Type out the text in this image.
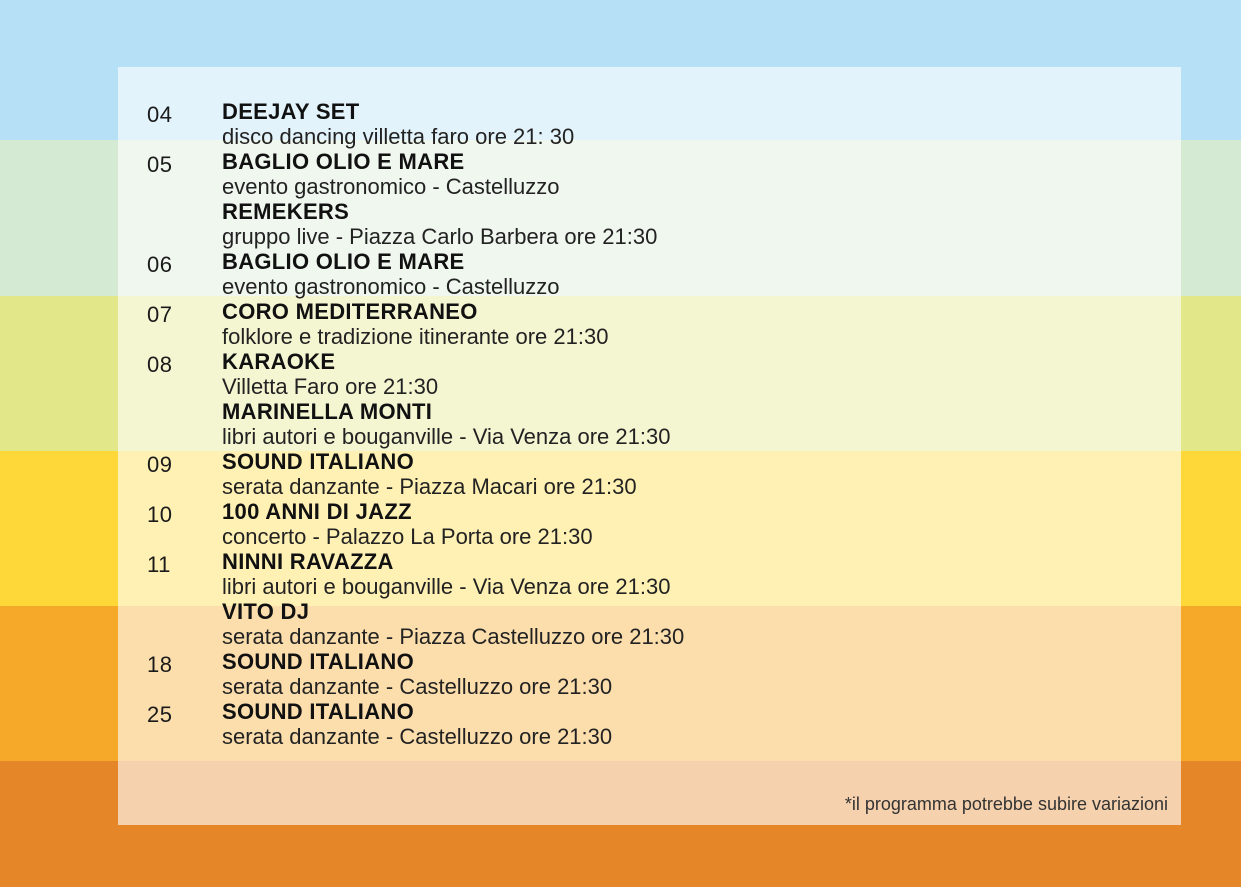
04 DEEJAY SET
disco dancing villetta faro ore 21: 30
05 BAGLIO OLIO E MARE
evento gastronomico - Castelluzzo
REMEKERS
gruppo live - Piazza Carlo Barbera ore 21:30
06 BAGLIO OLIO E MARE
evento gastronomico - Castelluzzo
07 CORO MEDITERRANEO
folklore e tradizione itinerante ore 21:30
08 KARAOKE
Villetta Faro ore 21:30
MARINELLA MONTI
libri autori e bouganville - Via Venza ore 21:30
09 SOUND ITALIANO
serata danzante - Piazza Macari ore 21:30
10 100 ANNI DI JAZZ
concerto - Palazzo La Porta ore 21:30
11 NINNI RAVAZZA
libri autori e bouganville - Via Venza ore 21:30
VITO DJ
serata danzante - Piazza Castelluzzo ore 21:30
18 SOUND ITALIANO
serata danzante - Castelluzzo ore 21:30
25 SOUND ITALIANO
serata danzante - Castelluzzo ore 21:30
*il programma potrebbe subire variazioni
